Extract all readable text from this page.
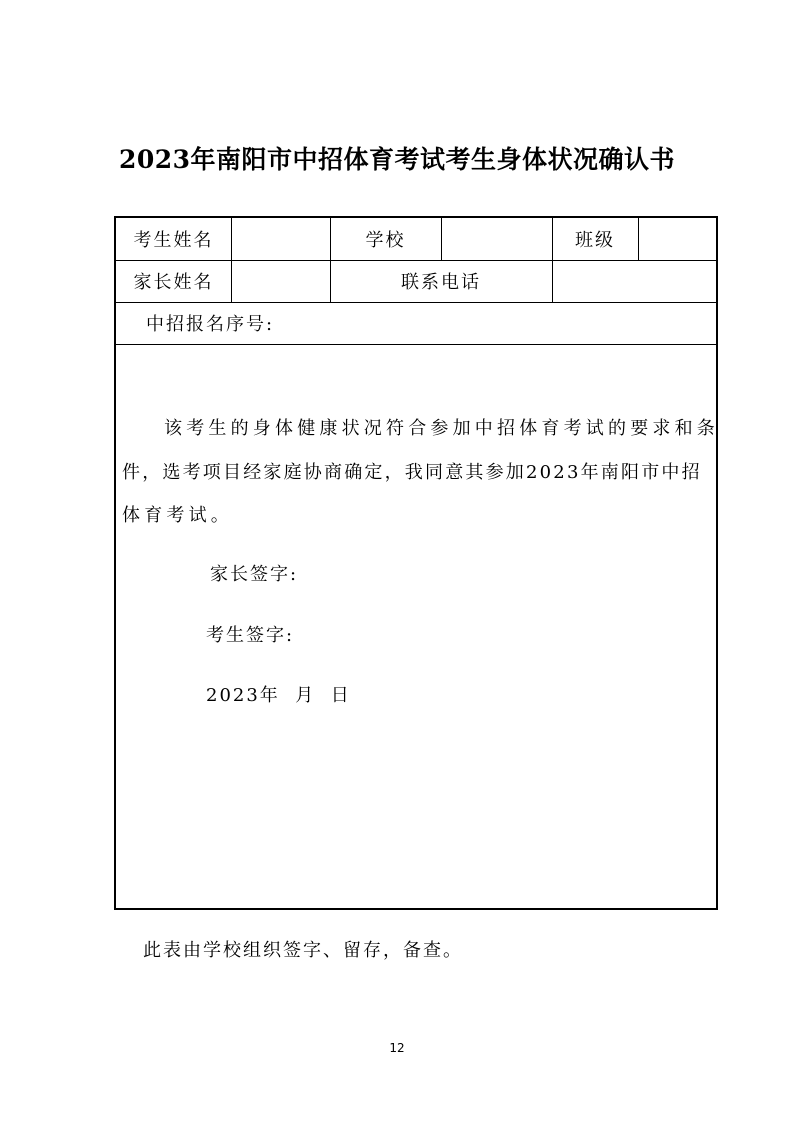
2023年南阳市中招体育考试考生身体状况确认书
考生姓名	学校	班级
家长姓名	联系电话
中招报名序号:
该考生的身体健康状况符合参加中招体育考试的要求和条
件，选考项目经家庭协商确定，我同意其参加2023年南阳市中招
体育考试。
家长签字:
考生签字:
2023年  月  日
此表由学校组织签字、留存，备查。
12
